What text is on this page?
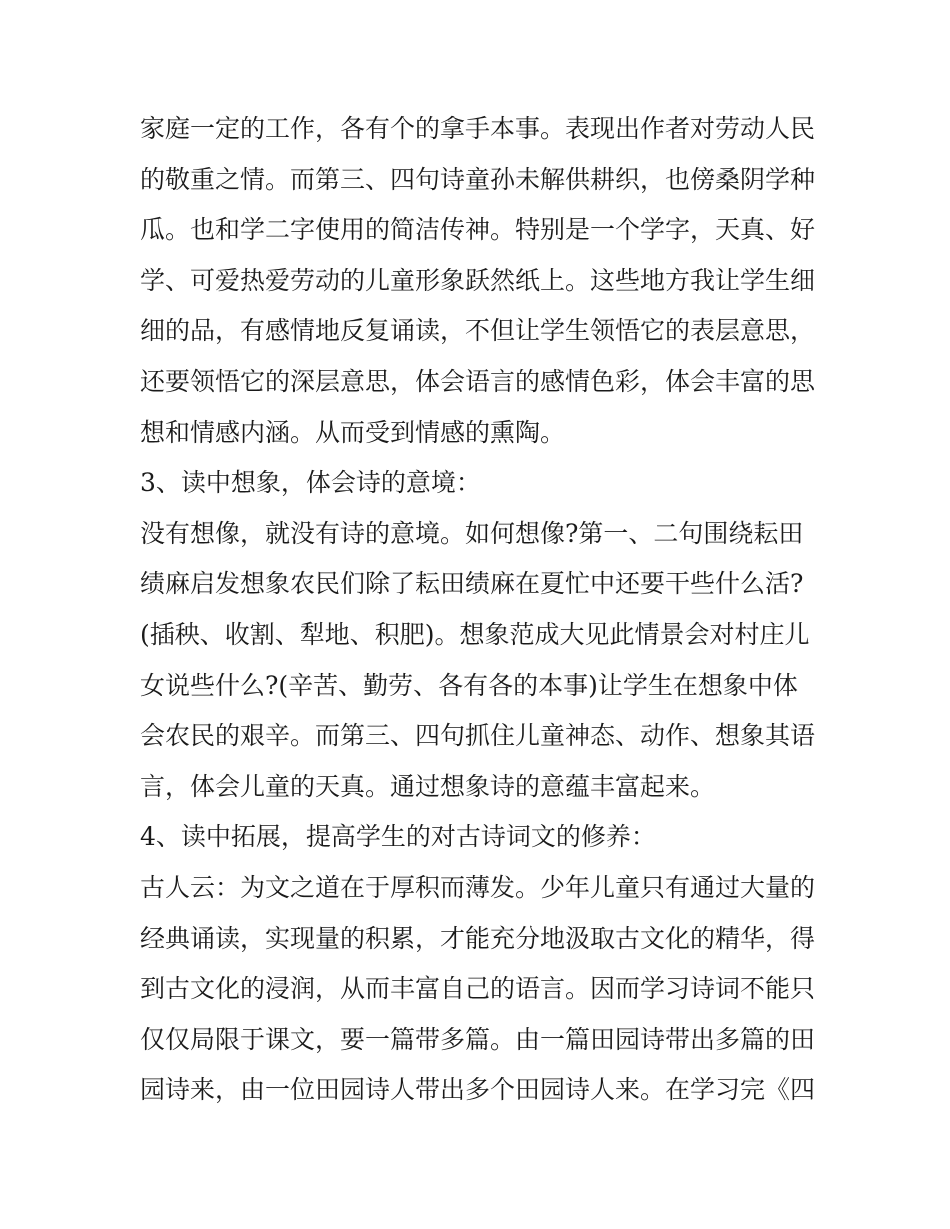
家庭一定的工作，各有个的拿手本事。表现出作者对劳动人民
的敬重之情。而第三、四句诗童孙未解供耕织，也傍桑阴学种
瓜。也和学二字使用的简洁传神。特别是一个学字，天真、好
学、可爱热爱劳动的儿童形象跃然纸上。这些地方我让学生细
细的品，有感情地反复诵读，不但让学生领悟它的表层意思，
还要领悟它的深层意思，体会语言的感情色彩，体会丰富的思
想和情感内涵。从而受到情感的熏陶。
3、读中想象，体会诗的意境：
没有想像，就没有诗的意境。如何想像?第一、二句围绕耘田
绩麻启发想象农民们除了耘田绩麻在夏忙中还要干些什么活?
(插秧、收割、犁地、积肥)。想象范成大见此情景会对村庄儿
女说些什么?(辛苦、勤劳、各有各的本事)让学生在想象中体
会农民的艰辛。而第三、四句抓住儿童神态、动作、想象其语
言，体会儿童的天真。通过想象诗的意蕴丰富起来。
4、读中拓展，提高学生的对古诗词文的修养：
古人云：为文之道在于厚积而薄发。少年儿童只有通过大量的
经典诵读，实现量的积累，才能充分地汲取古文化的精华，得
到古文化的浸润，从而丰富自己的语言。因而学习诗词不能只
仅仅局限于课文，要一篇带多篇。由一篇田园诗带出多篇的田
园诗来，由一位田园诗人带出多个田园诗人来。在学习完《四
